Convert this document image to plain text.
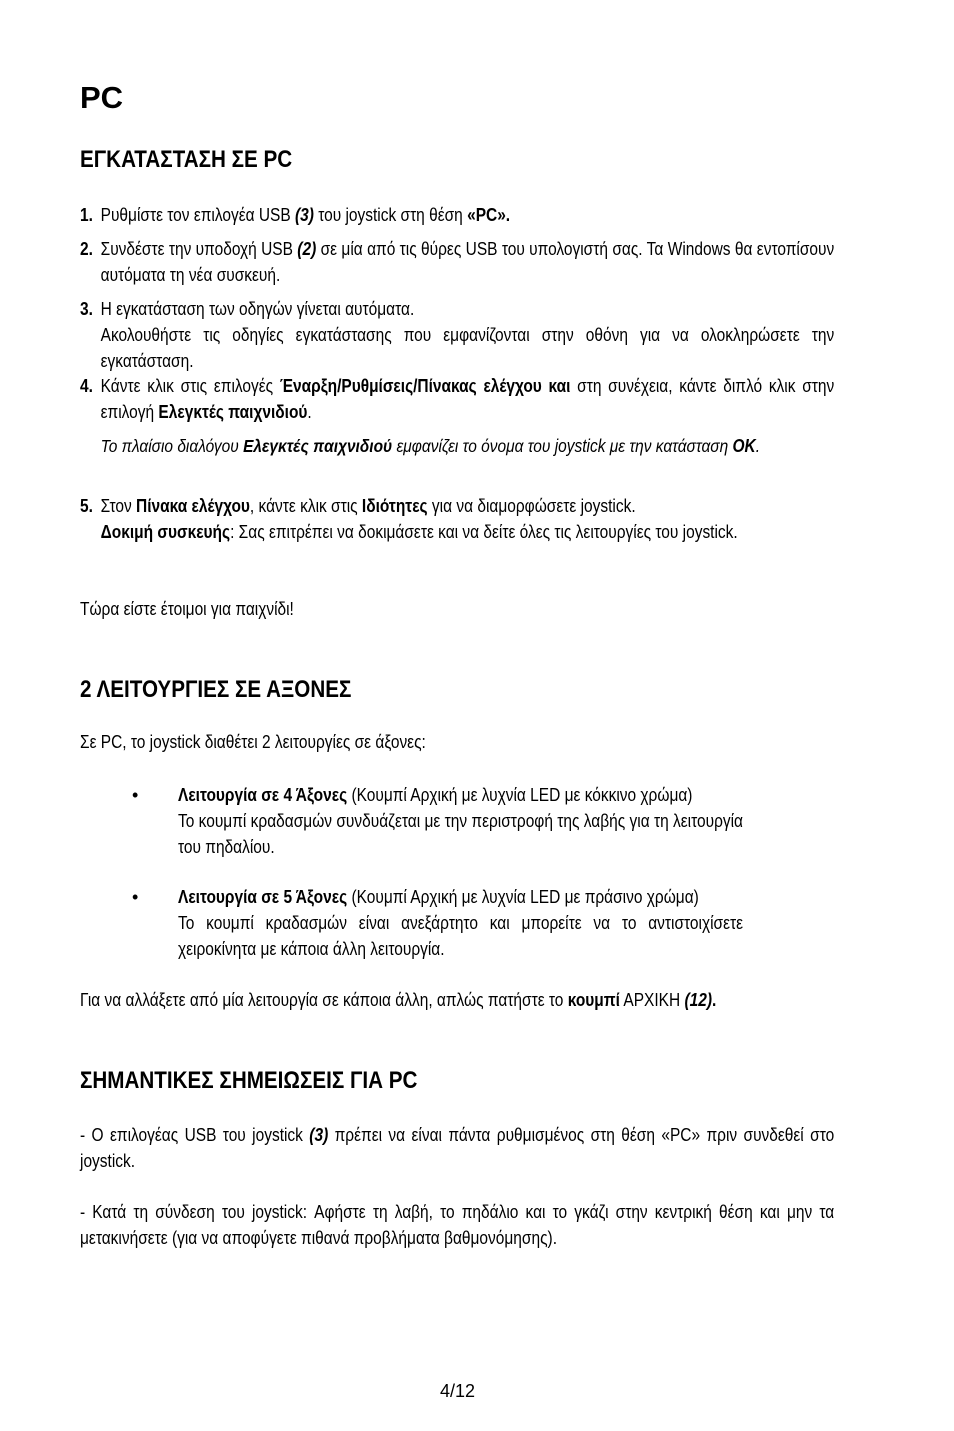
PC
ΕΓΚΑΤΑΣΤΑΣΗ ΣΕ PC
1. Ρυθμίστε τον επιλογέα USB (3) του joystick στη θέση «PC».
2. Συνδέστε την υποδοχή USB (2) σε μία από τις θύρες USB του υπολογιστή σας. Τα Windows θα εντοπίσουν αυτόματα τη νέα συσκευή.
3. Η εγκατάσταση των οδηγών γίνεται αυτόματα.
Ακολουθήστε τις οδηγίες εγκατάστασης που εμφανίζονται στην οθόνη για να ολοκληρώσετε την εγκατάσταση.
4. Κάντε κλικ στις επιλογές Έναρξη/Ρυθμίσεις/Πίνακας ελέγχου και στη συνέχεια, κάντε διπλό κλικ στην επιλογή Ελεγκτές παιχνιδιού.
Το πλαίσιο διαλόγου Ελεγκτές παιχνιδιού εμφανίζει το όνομα του joystick με την κατάσταση OK.
5. Στον Πίνακα ελέγχου, κάντε κλικ στις Ιδιότητες για να διαμορφώσετε joystick.
Δοκιμή συσκευής: Σας επιτρέπει να δοκιμάσετε και να δείτε όλες τις λειτουργίες του joystick.
Τώρα είστε έτοιμοι για παιχνίδι!
2 ΛΕΙΤΟΥΡΓΙΕΣ ΣΕ ΑΞΟΝΕΣ
Σε PC, το joystick διαθέτει 2 λειτουργίες σε άξονες:
•	Λειτουργία σε 4 Άξονες (Κουμπί Αρχική με λυχνία LED με κόκκινο χρώμα)
Το κουμπί κραδασμών συνδυάζεται με την περιστροφή της λαβής για τη λειτουργία του πηδαλίου.
•	Λειτουργία σε 5 Άξονες (Κουμπί Αρχική με λυχνία LED με πράσινο χρώμα)
Το κουμπί κραδασμών είναι ανεξάρτητο και μπορείτε να το αντιστοιχίσετε χειροκίνητα με κάποια άλλη λειτουργία.
Για να αλλάξετε από μία λειτουργία σε κάποια άλλη, απλώς πατήστε το κουμπί ΑΡΧΙΚΗ (12).
ΣΗΜΑΝΤΙΚΕΣ ΣΗΜΕΙΩΣΕΙΣ ΓΙΑ PC
- Ο επιλογέας USB του joystick (3) πρέπει να είναι πάντα ρυθμισμένος στη θέση «PC» πριν συνδεθεί στο joystick.
- Κατά τη σύνδεση του joystick: Αφήστε τη λαβή, το πηδάλιο και το γκάζι στην κεντρική θέση και μην τα μετακινήσετε (για να αποφύγετε πιθανά προβλήματα βαθμονόμησης).
4/12
